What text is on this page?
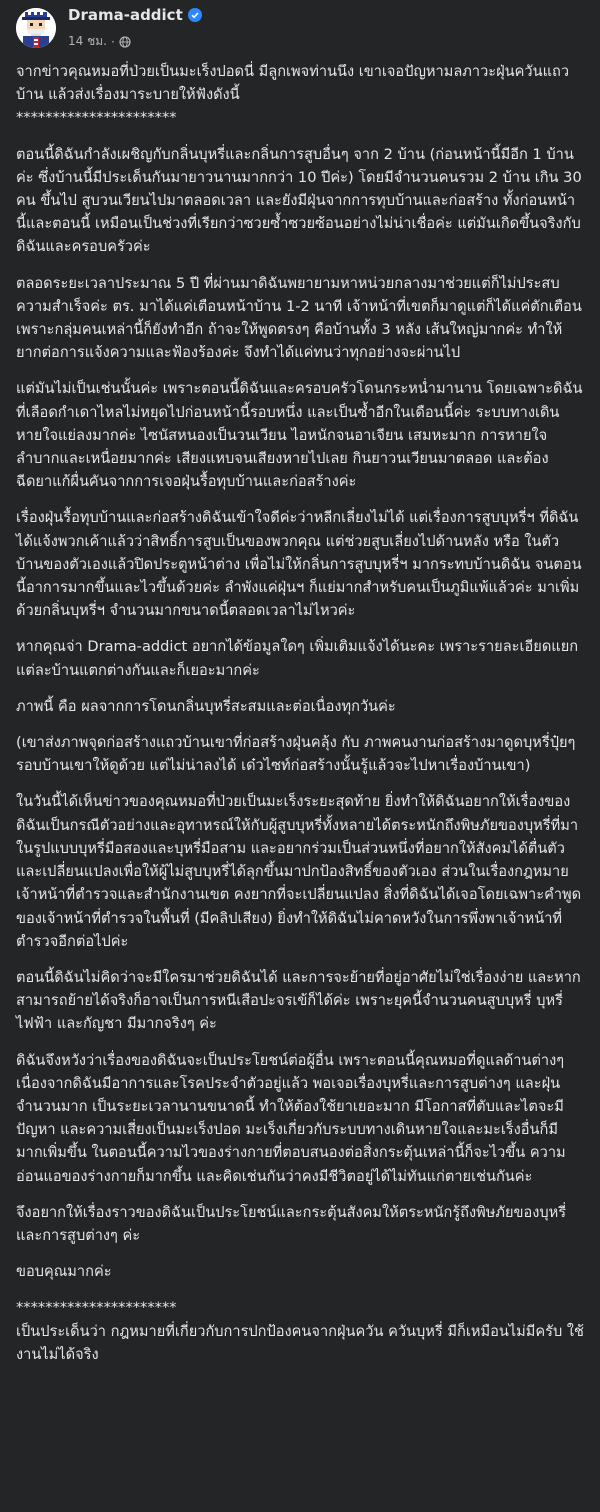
Drama-addict
14 ชม. ·

จากข่าวคุณหมอที่ป่วยเป็นมะเร็งปอดนี่ มีลูกเพจท่านนึง เขาเจอปัญหามลภาวะฝุ่นควันแถวบ้าน แล้วส่งเรื่องมาระบายให้ฟังดังนี้
**********************

ตอนนี้ดิฉันกำลังเผชิญกับกลิ่นบุหรี่และกลิ่นการสูบอื่นๆ จาก 2 บ้าน (ก่อนหน้านี้มีอีก 1 บ้านค่ะ ซึ่งบ้านนี้มีประเด็นกันมายาวนานมากกว่า 10 ปีค่ะ) โดยมีจำนวนคนรวม 2 บ้าน เกิน 30 คน ขึ้นไป สูบวนเวียนไปมาตลอดเวลา และยังมีฝุ่นจากการทุบบ้านและก่อสร้าง ทั้งก่อนหน้านี้และตอนนี้ เหมือนเป็นช่วงที่เรียกว่าซวยซ้ำซวยซ้อนอย่างไม่น่าเชื่อค่ะ แต่มันเกิดขึ้นจริงกับดิฉันและครอบครัวค่ะ

ตลอดระยะเวลาประมาณ 5 ปี ที่ผ่านมาดิฉันพยายามหาหน่วยกลางมาช่วยแต่ก็ไม่ประสบความสำเร็จค่ะ ตร. มาได้แค่เตือนหน้าบ้าน 1-2 นาที เจ้าหน้าที่เขตก็มาดูแต่ก็ได้แค่ตักเตือน เพราะกลุ่มคนเหล่านี้ก็ยังทำอีก ถ้าจะให้พูดตรงๆ คือบ้านทั้ง 3 หลัง เส้นใหญ่มากค่ะ ทำให้ยากต่อการแจ้งความและฟ้องร้องค่ะ จึงทำได้แค่ทนว่าทุกอย่างจะผ่านไป

แต่มันไม่เป็นเช่นนั้นค่ะ เพราะตอนนี้ดิฉันและครอบครัวโดนกระหน่ำมานาน โดยเฉพาะดิฉันที่เลือดกำเดาไหลไม่หยุดไปก่อนหน้านี้รอบหนึ่ง และเป็นซ้ำอีกในเดือนนี้ค่ะ ระบบทางเดินหายใจแย่ลงมากค่ะ ไซนัสหนองเป็นวนเวียน ไอหนักจนอาเจียน เสมหะมาก การหายใจลำบากและเหนื่อยมากค่ะ เสียงแหบจนเสียงหายไปเลย กินยาวนเวียนมาตลอด และต้องฉีดยาแก้ผื่นคันจากการเจอฝุ่นรื้อทุบบ้านและก่อสร้างค่ะ

เรื่องฝุ่นรื้อทุบบ้านและก่อสร้างดิฉันเข้าใจดีค่ะว่าหลีกเลี่ยงไม่ได้ แต่เรื่องการสูบบุหรี่ฯ ที่ดิฉันได้แจ้งพวกเค้าแล้วว่าสิทธิ์การสูบเป็นของพวกคุณ แต่ช่วยสูบเลี่ยงไปด้านหลัง หรือ ในตัวบ้านของตัวเองแล้วปิดประตูหน้าต่าง เพื่อไม่ให้กลิ่นการสูบบุหรี่ฯ มากระทบบ้านดิฉัน จนตอนนี้อาการมากขึ้นและไวขึ้นด้วยค่ะ ลำพังแค่ฝุ่นฯ ก็แย่มากสำหรับคนเป็นภูมิแพ้แล้วค่ะ มาเพิ่มด้วยกลิ่นบุหรี่ฯ จำนวนมากขนาดนี้ตลอดเวลาไม่ไหวค่ะ

หากคุณจ่า Drama-addict อยากได้ข้อมูลใดๆ เพิ่มเติมแจ้งได้นะคะ เพราะรายละเอียดแยกแต่ละบ้านแตกต่างกันและก็เยอะมากค่ะ

ภาพนี้ คือ ผลจากการโดนกลิ่นบุหรี่สะสมและต่อเนื่องทุกวันค่ะ

(เขาส่งภาพจุดก่อสร้างแถวบ้านเขาที่ก่อสร้างฝุ่นคลุ้ง กับ ภาพคนงานก่อสร้างมาดูดบุหรี่ปุ๋ยๆ รอบบ้านเขาให้ดูด้วย แต่ไม่น่าลงได้ เด๋วไซท์ก่อสร้างนั้นรู้แล้วจะไปหาเรื่องบ้านเขา)

ในวันนี้ได้เห็นข่าวของคุณหมอที่ป่วยเป็นมะเร็งระยะสุดท้าย ยิ่งทำให้ดิฉันอยากให้เรื่องของดิฉันเป็นกรณีตัวอย่างและอุทาหรณ์ให้กับผู้สูบบุหรี่ทั้งหลายได้ตระหนักถึงพิษภัยของบุหรี่ที่มาในรูปแบบบุหรี่มือสองและบุหรี่มือสาม และอยากร่วมเป็นส่วนหนึ่งที่อยากให้สังคมได้ตื่นตัวและเปลี่ยนแปลงเพื่อให้ผู้ไม่สูบบุหรี่ได้ลุกขึ้นมาปกป้องสิทธิ์ของตัวเอง ส่วนในเรื่องกฎหมาย เจ้าหน้าที่ตำรวจและสำนักงานเขต คงยากที่จะเปลี่ยนแปลง สิ่งที่ดิฉันได้เจอโดยเฉพาะคำพูดของเจ้าหน้าที่ตำรวจในพื้นที่ (มีคลิปเสียง) ยิ่งทำให้ดิฉันไม่คาดหวังในการพึ่งพาเจ้าหน้าที่ตำรวจอีกต่อไปค่ะ

ตอนนี้ดิฉันไม่คิดว่าจะมีใครมาช่วยดิฉันได้ และการจะย้ายที่อยู่อาศัยไม่ใช่เรื่องง่าย และหากสามารถย้ายได้จริงก็อาจเป็นการหนีเสือปะจรเข้ก็ได้ค่ะ เพราะยุคนี้จำนวนคนสูบบุหรี่ บุหรี่ไฟฟ้า และกัญชา มีมากจริงๆ ค่ะ

ดิฉันจึงหวังว่าเรื่องของดิฉันจะเป็นประโยชน์ต่อผู้อื่น เพราะตอนนี้คุณหมอที่ดูแลด้านต่างๆ เนื่องจากดิฉันมีอาการและโรคประจำตัวอยู่แล้ว พอเจอเรื่องบุหรี่และการสูบต่างๆ และฝุ่น จำนวนมาก เป็นระยะเวลานานขนาดนี้ ทำให้ต้องใช้ยาเยอะมาก มีโอกาสที่ตับและไตจะมีปัญหา และความเสี่ยงเป็นมะเร็งปอด มะเร็งเกี่ยวกับระบบทางเดินหายใจและมะเร็งอื่นก็มีมากเพิ่มขึ้น ในตอนนี้ความไวของร่างกายที่ตอบสนองต่อสิ่งกระตุ้นเหล่านี้ก็จะไวขึ้น ความอ่อนแอของร่างกายก็มากขึ้น และคิดเช่นกันว่าคงมีชีวิตอยู่ได้ไม่ทันแก่ตายเช่นกันค่ะ

จึงอยากให้เรื่องราวของดิฉันเป็นประโยชน์และกระตุ้นสังคมให้ตระหนักรู้ถึงพิษภัยของบุหรี่ และการสูบต่างๆ ค่ะ

ขอบคุณมากค่ะ

**********************
เป็นประเด็นว่า กฎหมายที่เกี่ยวกับการปกป้องคนจากฝุ่นควัน ควันบุหรี่ มีก็เหมือนไม่มีครับ ใช้งานไม่ได้จริง
